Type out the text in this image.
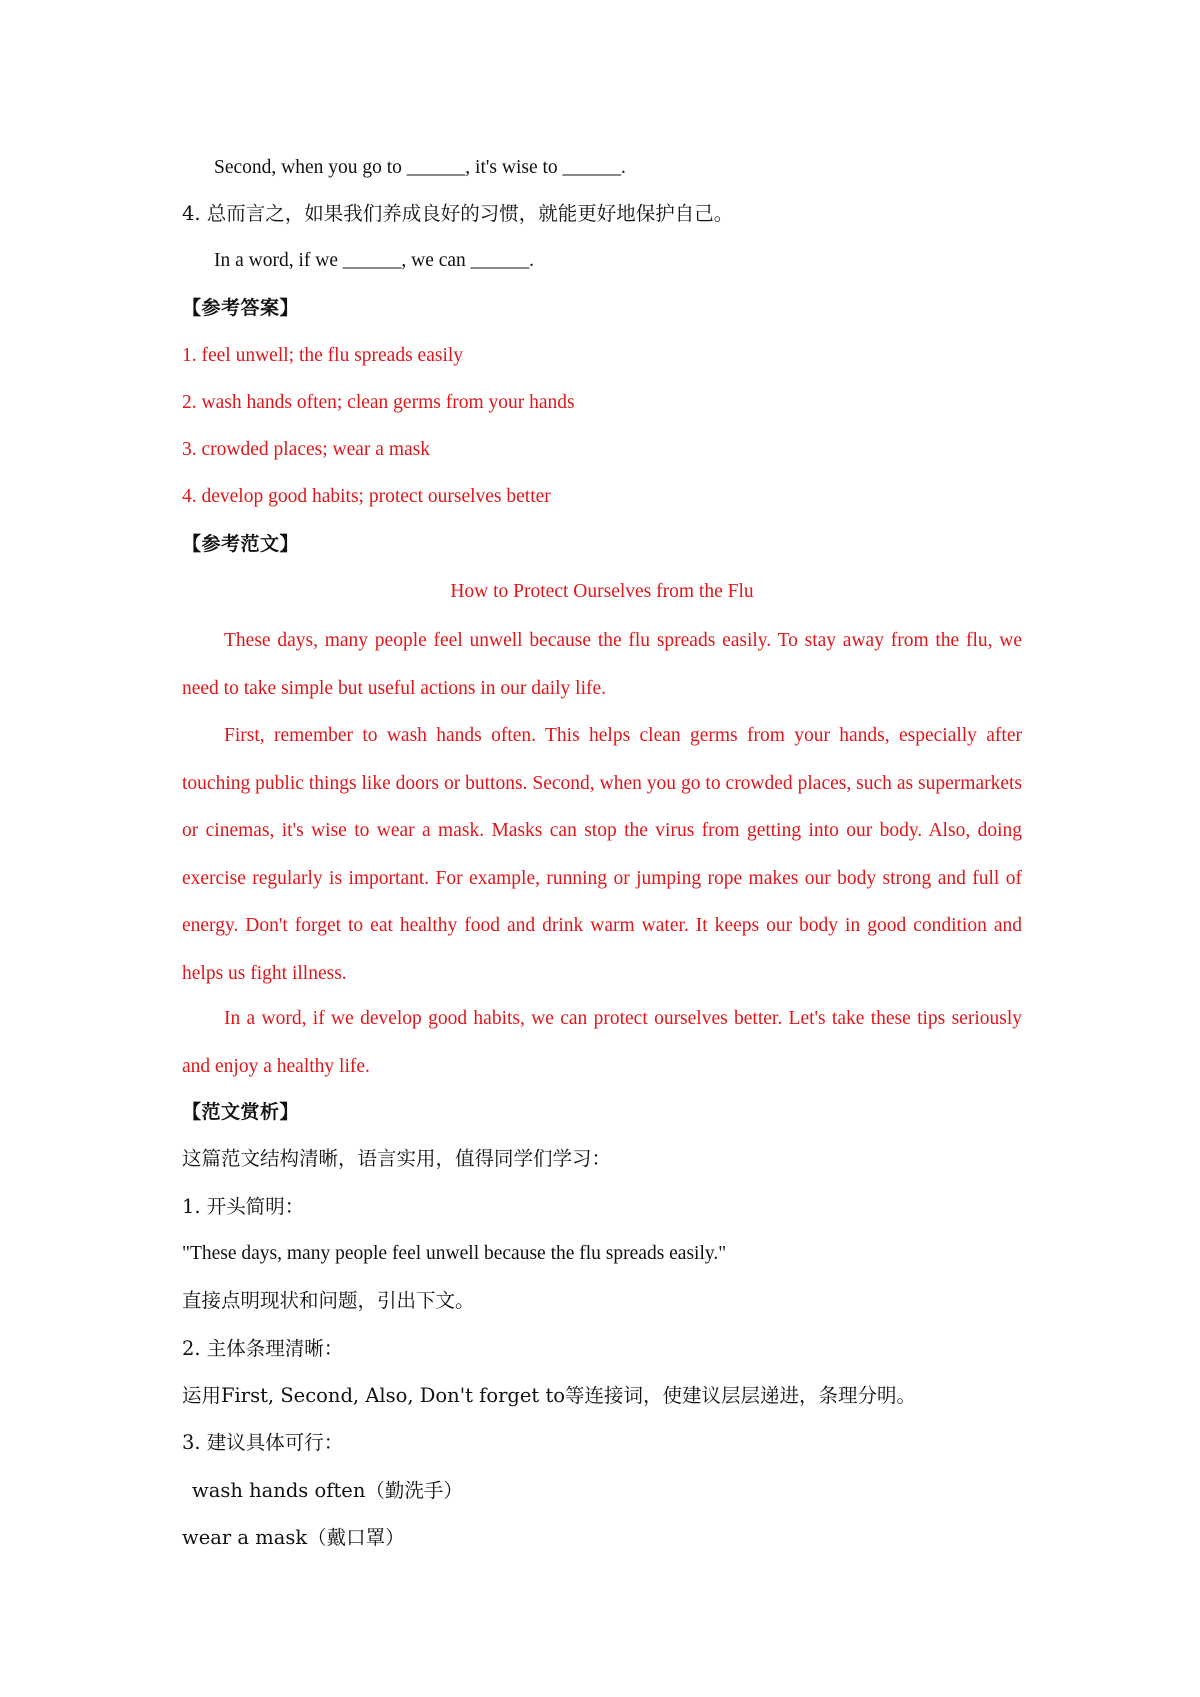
Second, when you go to ______, it's wise to ______.
4. 总而言之，如果我们养成良好的习惯，就能更好地保护自己。
In a word, if we ______, we can ______.
【参考答案】
1. feel unwell; the flu spreads easily
2. wash hands often; clean germs from your hands
3. crowded places; wear a mask
4. develop good habits; protect ourselves better
【参考范文】
How to Protect Ourselves from the Flu
These days, many people feel unwell because the flu spreads easily. To stay away from the flu, we need to take simple but useful actions in our daily life.
First, remember to wash hands often. This helps clean germs from your hands, especially after touching public things like doors or buttons. Second, when you go to crowded places, such as supermarkets or cinemas, it's wise to wear a mask. Masks can stop the virus from getting into our body. Also, doing exercise regularly is important. For example, running or jumping rope makes our body strong and full of energy. Don't forget to eat healthy food and drink warm water. It keeps our body in good condition and helps us fight illness.
In a word, if we develop good habits, we can protect ourselves better. Let's take these tips seriously and enjoy a healthy life.
【范文赏析】
这篇范文结构清晰，语言实用，值得同学们学习：
1. 开头简明：
"These days, many people feel unwell because the flu spreads easily."
直接点明现状和问题，引出下文。
2. 主体条理清晰：
运用First, Second, Also, Don't forget to等连接词，使建议层层递进，条理分明。
3. 建议具体可行：
wash hands often（勤洗手）
wear a mask（戴口罩）
